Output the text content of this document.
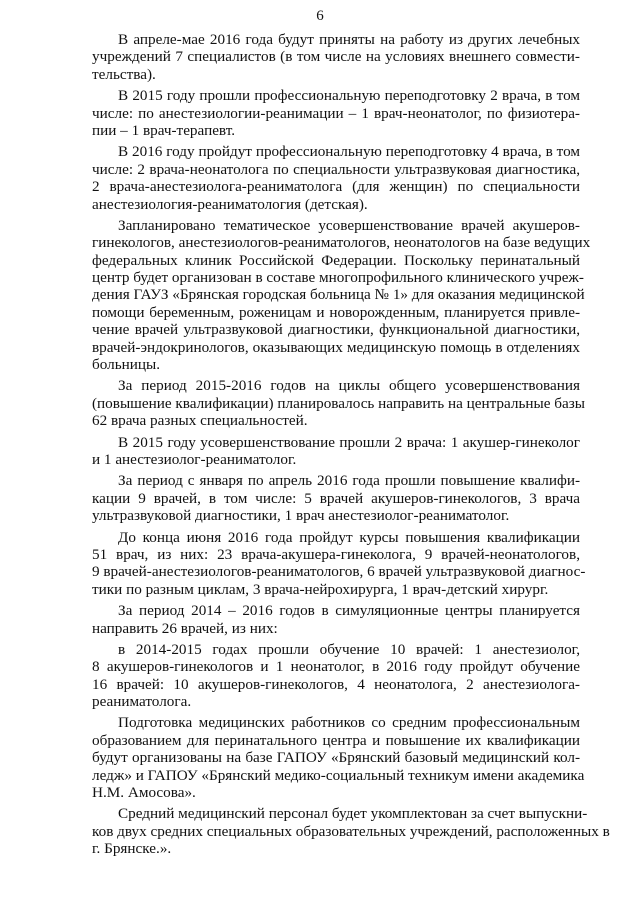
6
В апреле-мае 2016 года будут приняты на работу из других лечебных
учреждений 7 специалистов (в том числе на условиях внешнего совмести-
тельства).
В 2015 году прошли профессиональную переподготовку 2 врача, в том
числе: по анестезиологии-реанимации – 1 врач-неонатолог, по физиотера-
пии – 1 врач-терапевт.
В 2016 году пройдут профессиональную переподготовку 4 врача, в том
числе: 2 врача-неонатолога по специальности ультразвуковая диагностика,
2 врача-анестезиолога-реаниматолога (для женщин) по специальности
анестезиология-реаниматология (детская).
Запланировано тематическое усовершенствование врачей акушеров-
гинекологов, анестезиологов-реаниматологов, неонатологов на базе ведущих
федеральных клиник Российской Федерации. Поскольку перинатальный
центр будет организован в составе многопрофильного клинического учреж-
дения ГАУЗ «Брянская городская больница № 1» для оказания медицинской
помощи беременным, роженицам и новорожденным, планируется привле-
чение врачей ультразвуковой диагностики, функциональной диагностики,
врачей-эндокринологов, оказывающих медицинскую помощь в отделениях
больницы.
За период 2015-2016 годов на циклы общего усовершенствования
(повышение квалификации) планировалось направить на центральные базы
62 врача разных специальностей.
В 2015 году усовершенствование прошли 2 врача: 1 акушер-гинеколог
и 1 анестезиолог-реаниматолог.
За период с января по апрель 2016 года прошли повышение квалифи-
кации 9 врачей, в том числе: 5 врачей акушеров-гинекологов, 3 врача
ультразвуковой диагностики, 1 врач анестезиолог-реаниматолог.
До конца июня 2016 года пройдут курсы повышения квалификации
51 врач, из них: 23 врача-акушера-гинеколога, 9 врачей-неонатологов,
9 врачей-анестезиологов-реаниматологов, 6 врачей ультразвуковой диагнос-
тики по разным циклам, 3 врача-нейрохирурга, 1 врач-детский хирург.
За период 2014 – 2016 годов в симуляционные центры планируется
направить 26 врачей, из них:
в 2014-2015 годах прошли обучение 10 врачей: 1 анестезиолог,
8 акушеров-гинекологов и 1 неонатолог, в 2016 году пройдут обучение
16 врачей: 10 акушеров-гинекологов, 4 неонатолога, 2 анестезиолога-
реаниматолога.
Подготовка медицинских работников со средним профессиональным
образованием для перинатального центра и повышение их квалификации
будут организованы на базе ГАПОУ «Брянский базовый медицинский кол-
ледж» и ГАПОУ «Брянский медико-социальный техникум имени академика
Н.М. Амосова».
Средний медицинский персонал будет укомплектован за счет выпускни-
ков двух средних специальных образовательных учреждений, расположенных в
г. Брянске.».
